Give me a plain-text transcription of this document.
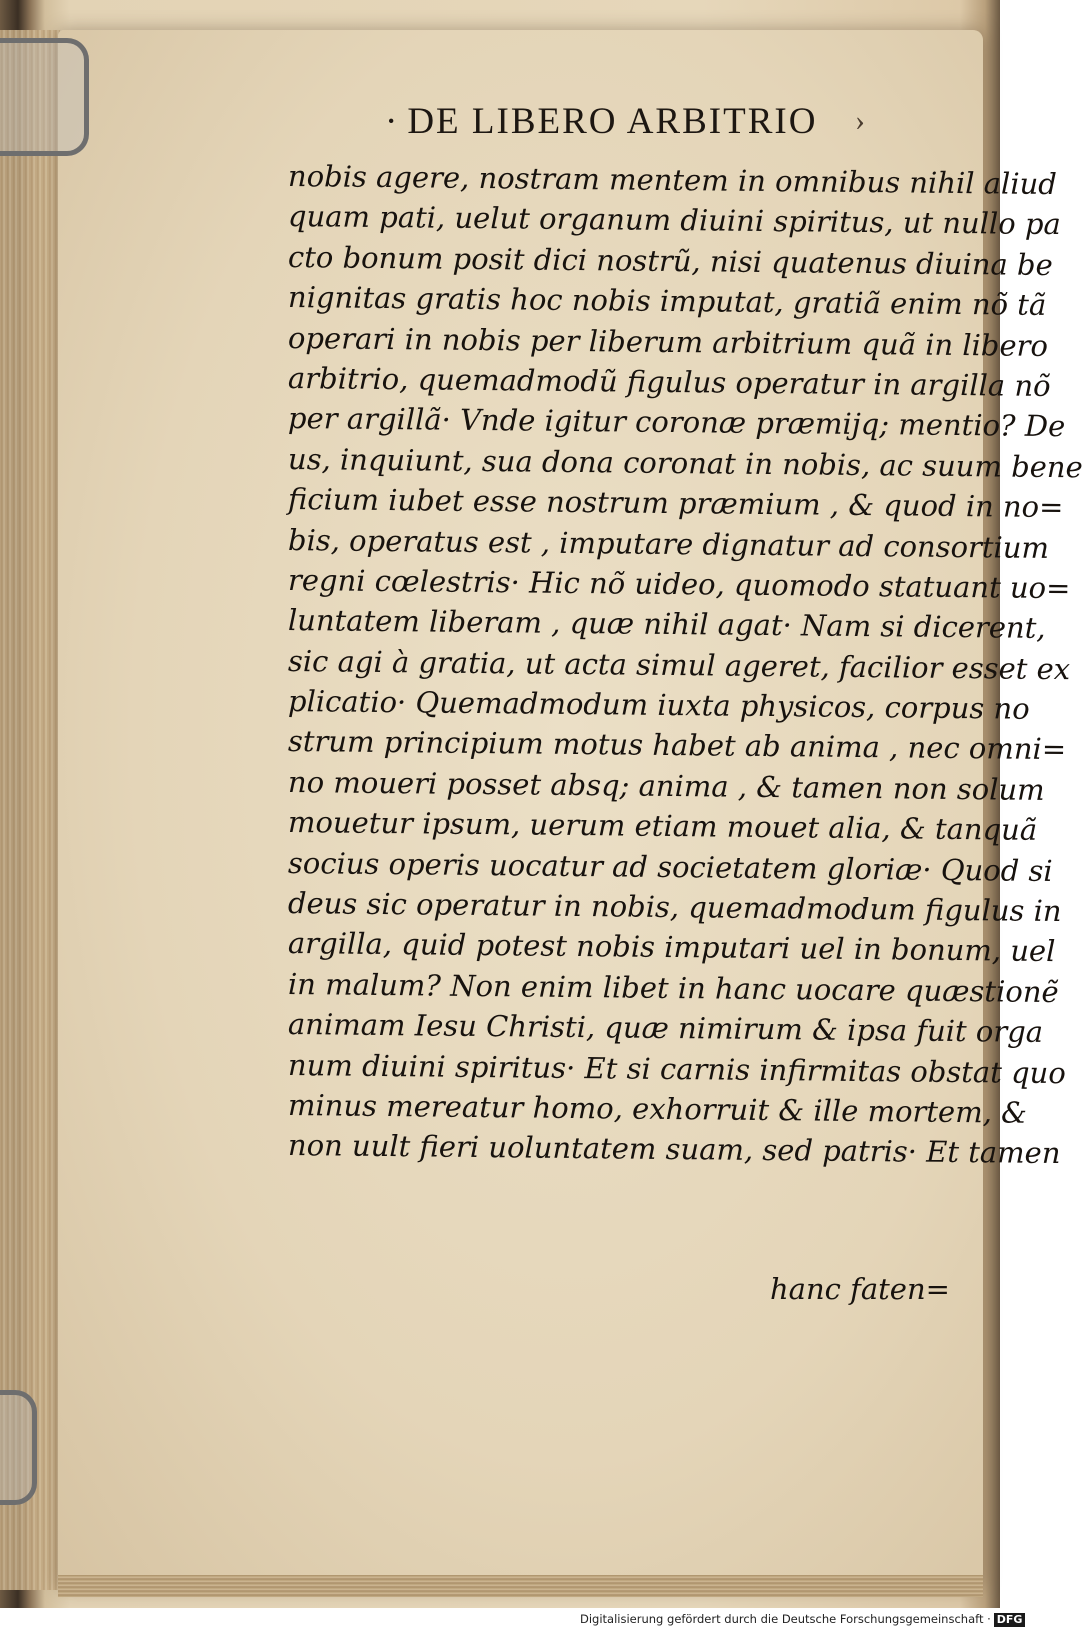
· DE LIBERO ARBITRIO ›
nobis agere, nostram mentem in omnibus nihil aliud
quam pati, uelut organum diuini spiritus, ut nullo pa
cto bonum posit dici nostrũ, nisi quatenus diuina be
nignitas gratis hoc nobis imputat, gratiã enim nõ tã
operari in nobis per liberum arbitrium quã in libero
arbitrio, quemadmodũ figulus operatur in argilla nõ
per argillã· Vnde igitur coronæ præmijq; mentio? De
us, inquiunt, sua dona coronat in nobis, ac suum bene
ficium iubet esse nostrum præmium , & quod in no=
bis, operatus est , imputare dignatur ad consortium
regni cœlestris· Hic nõ uideo, quomodo statuant uo=
luntatem liberam , quæ nihil agat· Nam si dicerent,
sic agi à gratia, ut acta simul ageret, facilior esset ex
plicatio· Quemadmodum iuxta physicos, corpus no
strum principium motus habet ab anima , nec omni=
no moueri posset absq; anima , & tamen non solum
mouetur ipsum, uerum etiam mouet alia, & tanquã
socius operis uocatur ad societatem gloriæ· Quod si
deus sic operatur in nobis, quemadmodum figulus in
argilla, quid potest nobis imputari uel in bonum, uel
in malum? Non enim libet in hanc uocare quæstionẽ
animam Iesu Christi, quæ nimirum & ipsa fuit orga
num diuini spiritus· Et si carnis infirmitas obstat quo
minus mereatur homo, exhorruit & ille mortem, &
non uult fieri uoluntatem suam, sed patris· Et tamen
hanc faten=
Digitalisierung gefördert durch die Deutsche Forschungsgemeinschaft · DFG
